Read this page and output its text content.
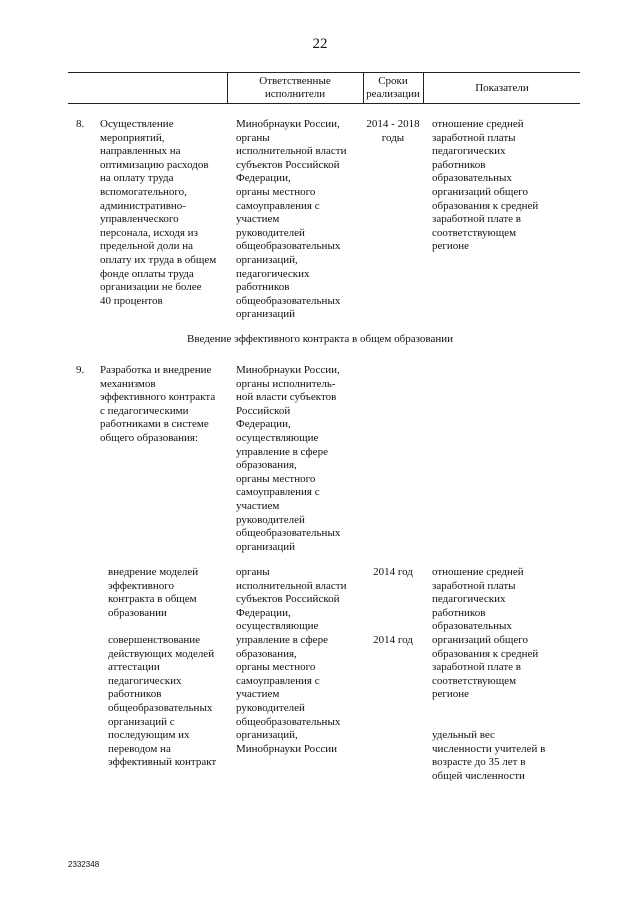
22
Ответственные
исполнители
Сроки
реализации	Показатели
8. Осуществление
мероприятий,
направленных на
оптимизацию расходов
на оплату труда
вспомогательного,
административно-
управленческого
персонала, исходя из
предельной доли на
оплату их труда в общем
фонде оплаты труда
организации не более
40 процентов
Минобрнауки России,
органы
исполнительной власти
субъектов Российской
Федерации,
органы местного
самоуправления с
участием
руководителей
общеобразовательных
организаций,
педагогических
работников
общеобразовательных
организаций
2014 - 2018
годы
отношение средней
заработной платы
педагогических
работников
образовательных
организаций общего
образования к средней
заработной плате в
соответствующем
регионе
Введение эффективного контракта в общем образовании
9. Разработка и внедрение
механизмов
эффективного контракта
с педагогическими
работниками в системе
общего образования:
Минобрнауки России,
органы исполнитель-
ной власти субъектов
Российской
Федерации,
осуществляющие
управление в сфере
образования,
органы местного
самоуправления с
участием
руководителей
общеобразовательных
организаций
внедрение моделей
эффективного
контракта в общем
образовании
2014 год
органы
исполнительной власти
субъектов Российской
Федерации,
осуществляющие
управление в сфере
образования,
органы местного
самоуправления с
участием
руководителей
общеобразовательных
организаций,
Минобрнауки России
отношение средней
заработной платы
педагогических
работников
образовательных
организаций общего
образования к средней
заработной плате в
соответствующем
регионе
удельный вес
численности учителей в
возрасте до 35 лет в
общей численности
совершенствование
действующих моделей
аттестации
педагогических
работников
общеобразовательных
организаций с
последующим их
переводом на
эффективный контракт
2014 год
2332348
